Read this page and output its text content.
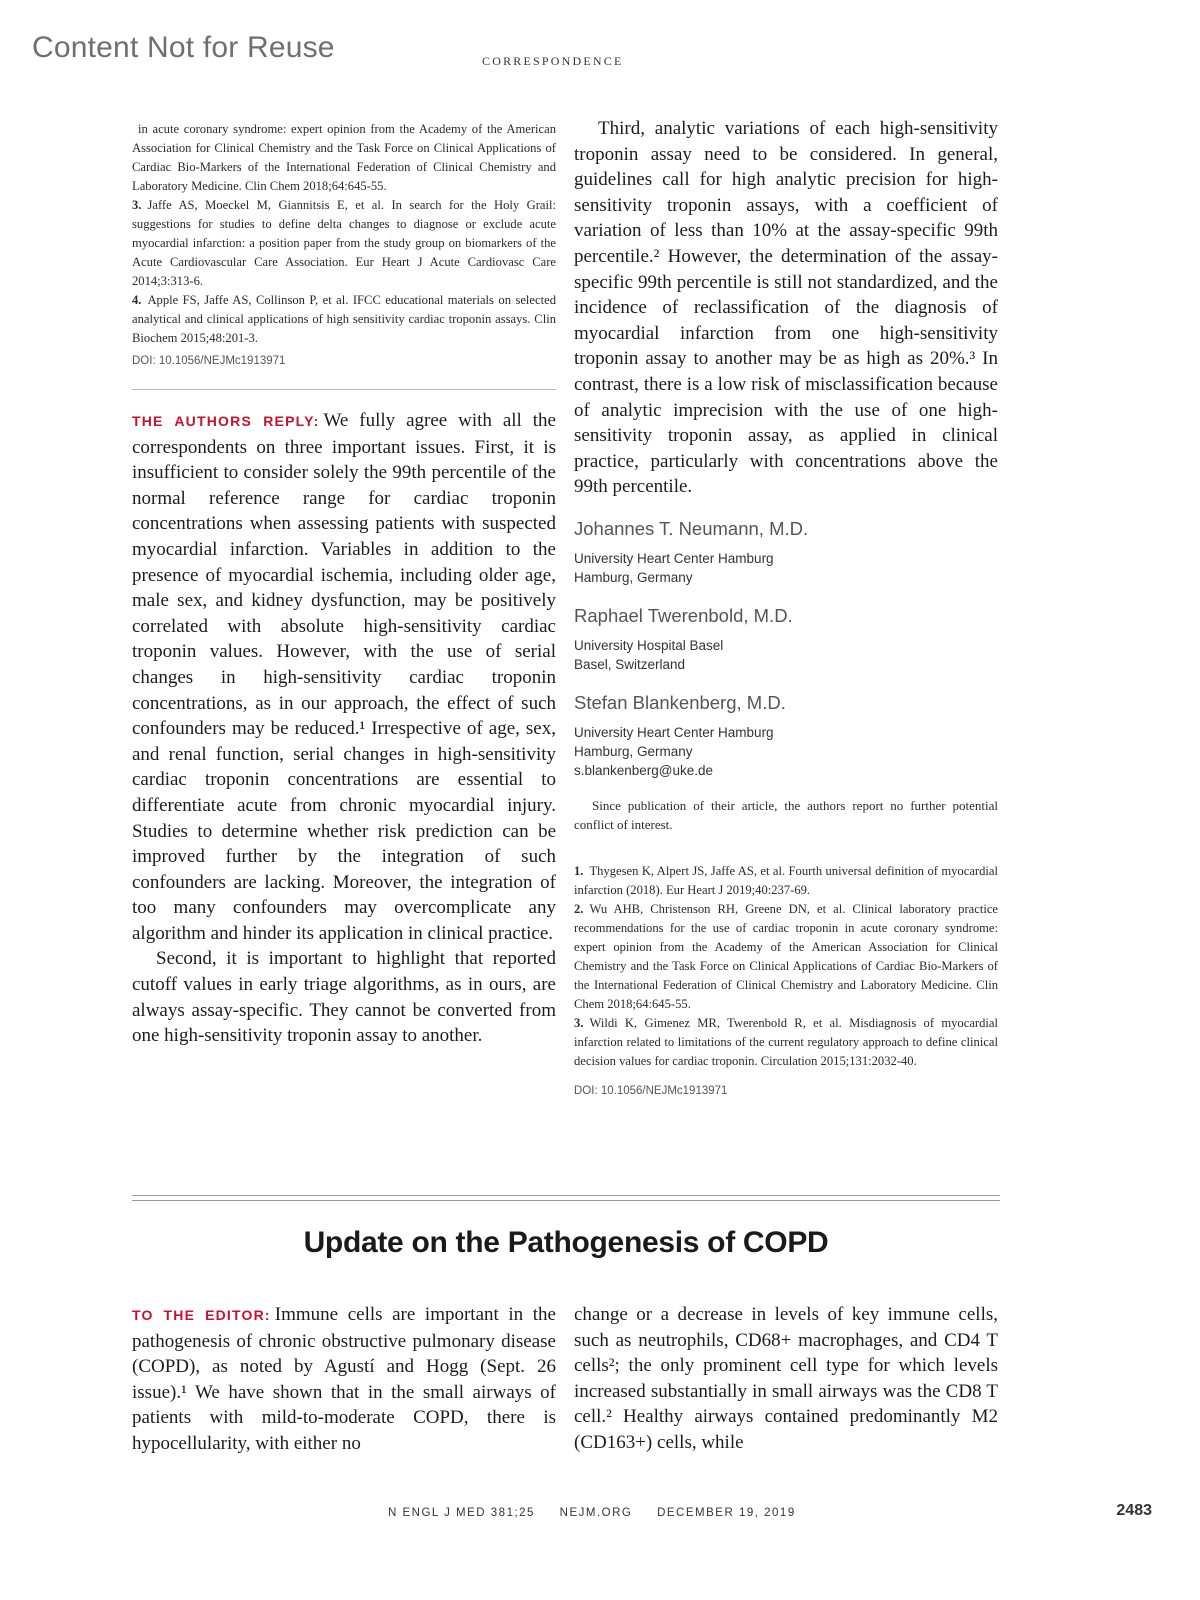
Content Not for Reuse	CORRESPONDENCE

in acute coronary syndrome: expert opinion from the Academy of the American Association for Clinical Chemistry and the Task Force on Clinical Applications of Cardiac Bio-Markers of the International Federation of Clinical Chemistry and Laboratory Medicine. Clin Chem 2018;64:645-55.

3. Jaffe AS, Moeckel M, Giannitsis E, et al. In search for the Holy Grail: suggestions for studies to define delta changes to diagnose or exclude acute myocardial infarction: a position paper from the study group on biomarkers of the Acute Cardiovascular Care Association. Eur Heart J Acute Cardiovasc Care 2014;3:313-6.

4. Apple FS, Jaffe AS, Collinson P, et al. IFCC educational materials on selected analytical and clinical applications of high sensitivity cardiac troponin assays. Clin Biochem 2015;48:201-3.

DOI: 10.1056/NEJMc1913971

THE AUTHORS REPLY: We fully agree with all the correspondents on three important issues. First, it is insufficient to consider solely the 99th percentile of the normal reference range for cardiac troponin concentrations when assessing patients with suspected myocardial infarction. Variables in addition to the presence of myocardial ischemia, including older age, male sex, and kidney dysfunction, may be positively correlated with absolute high-sensitivity cardiac troponin values. However, with the use of serial changes in high-sensitivity cardiac troponin concentrations, as in our approach, the effect of such confounders may be reduced.¹ Irrespective of age, sex, and renal function, serial changes in high-sensitivity cardiac troponin concentrations are essential to differentiate acute from chronic myocardial injury. Studies to determine whether risk prediction can be improved further by the integration of such confounders are lacking. Moreover, the integration of too many confounders may overcomplicate any algorithm and hinder its application in clinical practice.

Second, it is important to highlight that reported cutoff values in early triage algorithms, as in ours, are always assay-specific. They cannot be converted from one high-sensitivity troponin assay to another.

Third, analytic variations of each high-sensitivity troponin assay need to be considered. In general, guidelines call for high analytic precision for high-sensitivity troponin assays, with a coefficient of variation of less than 10% at the assay-specific 99th percentile.² However, the determination of the assay-specific 99th percentile is still not standardized, and the incidence of reclassification of the diagnosis of myocardial infarction from one high-sensitivity troponin assay to another may be as high as 20%.³ In contrast, there is a low risk of misclassification because of analytic imprecision with the use of one high-sensitivity troponin assay, as applied in clinical practice, particularly with concentrations above the 99th percentile.

Johannes T. Neumann, M.D.
University Heart Center Hamburg
Hamburg, Germany
Raphael Twerenbold, M.D.
University Hospital Basel
Basel, Switzerland
Stefan Blankenberg, M.D.
University Heart Center Hamburg
Hamburg, Germany
s.blankenberg@uke.de
Since publication of their article, the authors report no further potential conflict of interest.

1. Thygesen K, Alpert JS, Jaffe AS, et al. Fourth universal definition of myocardial infarction (2018). Eur Heart J 2019;40:237-69.

2. Wu AHB, Christenson RH, Greene DN, et al. Clinical laboratory practice recommendations for the use of cardiac troponin in acute coronary syndrome: expert opinion from the Academy of the American Association for Clinical Chemistry and the Task Force on Clinical Applications of Cardiac Bio-Markers of the International Federation of Clinical Chemistry and Laboratory Medicine. Clin Chem 2018;64:645-55.

3. Wildi K, Gimenez MR, Twerenbold R, et al. Misdiagnosis of myocardial infarction related to limitations of the current regulatory approach to define clinical decision values for cardiac troponin. Circulation 2015;131:2032-40.

DOI: 10.1056/NEJMc1913971
Update on the Pathogenesis of COPD

TO THE EDITOR: Immune cells are important in the pathogenesis of chronic obstructive pulmonary disease (COPD), as noted by Agustí and Hogg (Sept. 26 issue).¹ We have shown that in the small airways of patients with mild-to-moderate COPD, there is hypocellularity, with either no

change or a decrease in levels of key immune cells, such as neutrophils, CD68+ macrophages, and CD4 T cells²; the only prominent cell type for which levels increased substantially in small airways was the CD8 T cell.² Healthy airways contained predominantly M2 (CD163+) cells, while

N ENGL J MED 381;25 NEJM.ORG DECEMBER 19, 2019	2483
